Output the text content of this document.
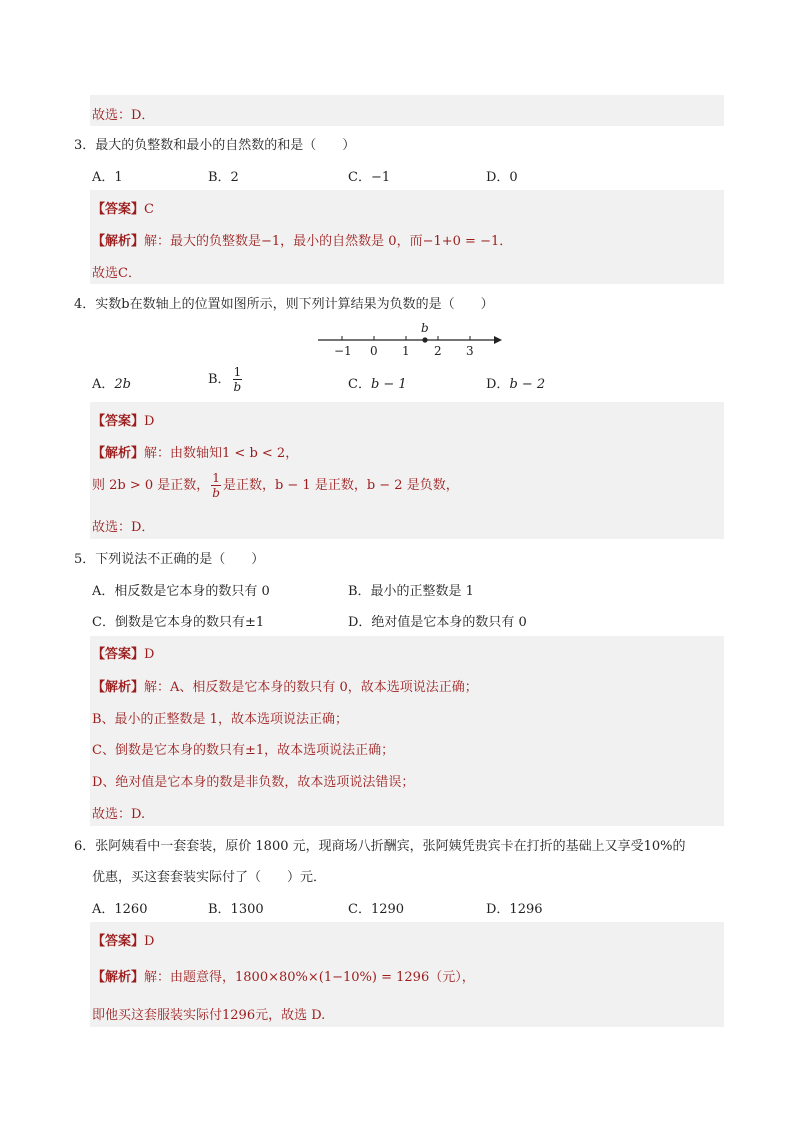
故选：D．
3．最大的负整数和最小的自然数的和是（　　）
A．1	B．2	C．−1	D．0
【答案】C
【解析】解：最大的负整数是−1，最小的自然数是 0，而−1+0 = −1．
故选C．
4．实数b在数轴上的位置如图所示，则下列计算结果为负数的是（　　）
b
−1 0 1 2 3
A．2b	B． $\frac{1}{b}$	C．b − 1	D．b − 2
【答案】D
【解析】解：由数轴知1 < b < 2，
则 2b > 0 是正数， $\frac{1}{b}$ 是正数，b − 1 是正数，b − 2 是负数，
故选：D．
5．下列说法不正确的是（　　）
A．相反数是它本身的数只有 0	B．最小的正整数是 1
C．倒数是它本身的数只有±1	D．绝对值是它本身的数只有 0
【答案】D
【解析】解：A、相反数是它本身的数只有 0，故本选项说法正确；
B、最小的正整数是 1，故本选项说法正确；
C、倒数是它本身的数只有±1，故本选项说法正确；
D、绝对值是它本身的数是非负数，故本选项说法错误；
故选：D.
6．张阿姨看中一套套装，原价 1800 元，现商场八折酬宾，张阿姨凭贵宾卡在打折的基础上又享受10%的
优惠，买这套套装实际付了（　　）元．
A．1260	B．1300	C．1290	D．1296
【答案】D
【解析】解：由题意得，1800×80%×(1−10%) = 1296（元），
即他买这套服装实际付1296元，故选 D.
